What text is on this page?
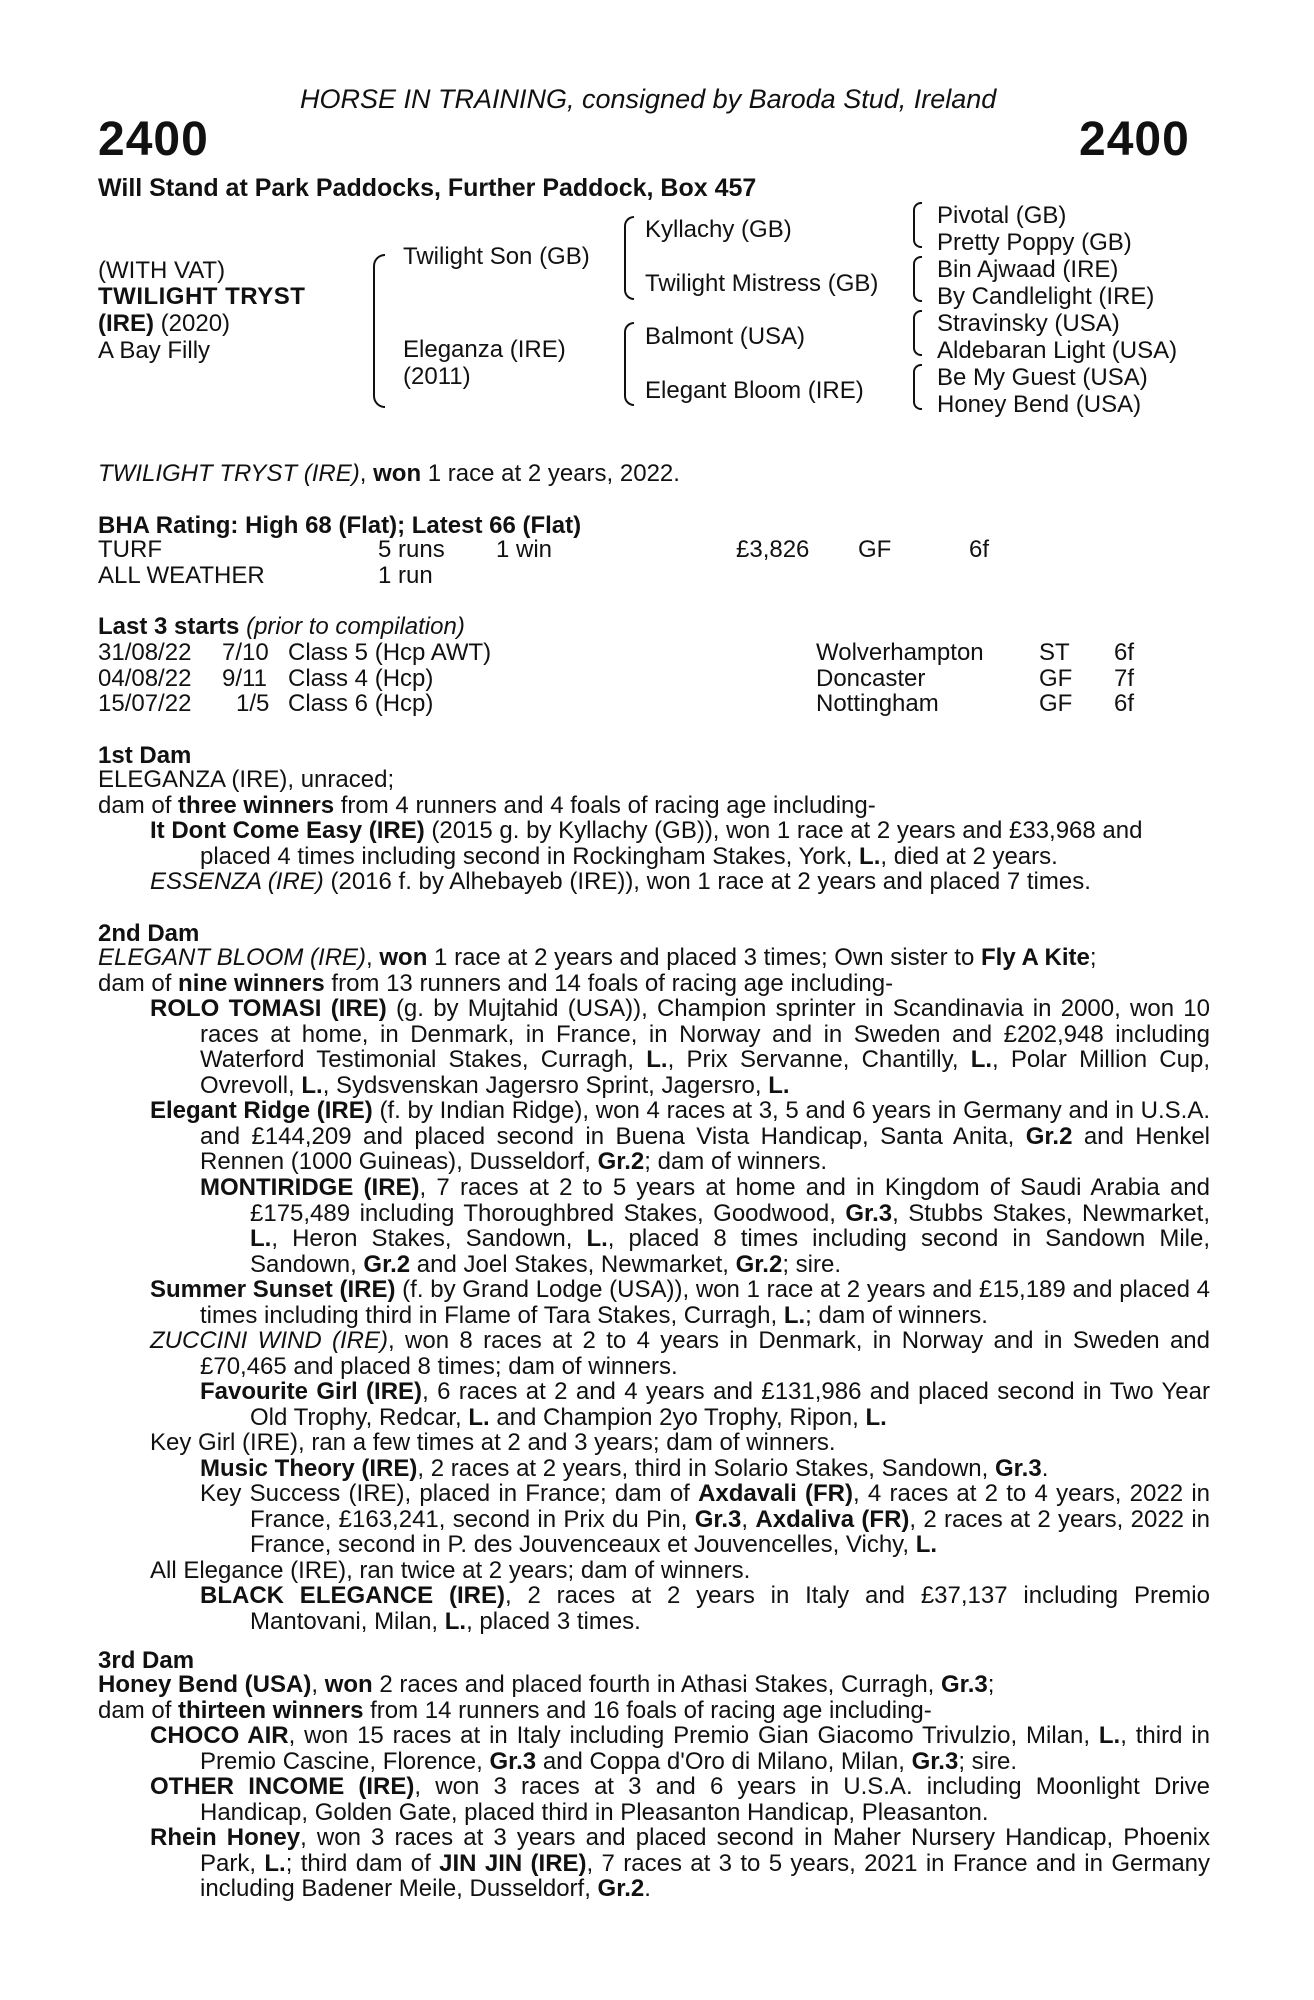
HORSE IN TRAINING, consigned by Baroda Stud, Ireland
2400	2400
Will Stand at Park Paddocks, Further Paddock, Box 457
(WITH VAT)
TWILIGHT TRYST
(IRE) (2020)
A Bay Filly
Twilight Son (GB)
Eleganza (IRE)
(2011)
Kyllachy (GB)
Twilight Mistress (GB)
Balmont (USA)
Elegant Bloom (IRE)
Pivotal (GB)
Pretty Poppy (GB)
Bin Ajwaad (IRE)
By Candlelight (IRE)
Stravinsky (USA)
Aldebaran Light (USA)
Be My Guest (USA)
Honey Bend (USA)
TWILIGHT TRYST (IRE), won 1 race at 2 years, 2022.
BHA Rating: High 68 (Flat); Latest 66 (Flat)
TURF	5 runs 1 win	£3,826 GF	6f
ALL WEATHER	1 run
Last 3 starts (prior to compilation)
31/08/22 7/10 Class 5 (Hcp AWT)	Wolverhampton ST 6f
04/08/22 9/11 Class 4 (Hcp)	Doncaster	GF 7f
15/07/22 1/5 Class 6 (Hcp)	Nottingham	GF 6f
1st Dam
ELEGANZA (IRE), unraced;
dam of three winners from 4 runners and 4 foals of racing age including-
It Dont Come Easy (IRE) (2015 g. by Kyllachy (GB)), won 1 race at 2 years and £33,968 and placed 4 times including second in Rockingham Stakes, York, L., died at 2 years.
ESSENZA (IRE) (2016 f. by Alhebayeb (IRE)), won 1 race at 2 years and placed 7 times.
2nd Dam
ELEGANT BLOOM (IRE), won 1 race at 2 years and placed 3 times; Own sister to Fly A Kite;
dam of nine winners from 13 runners and 14 foals of racing age including-
ROLO TOMASI (IRE) (g. by Mujtahid (USA)), Champion sprinter in Scandinavia in 2000, won 10 races at home, in Denmark, in France, in Norway and in Sweden and £202,948 including Waterford Testimonial Stakes, Curragh, L., Prix Servanne, Chantilly, L., Polar Million Cup, Ovrevoll, L., Sydsvenskan Jagersro Sprint, Jagersro, L.
Elegant Ridge (IRE) (f. by Indian Ridge), won 4 races at 3, 5 and 6 years in Germany and in U.S.A. and £144,209 and placed second in Buena Vista Handicap, Santa Anita, Gr.2 and Henkel Rennen (1000 Guineas), Dusseldorf, Gr.2; dam of winners.
MONTIRIDGE (IRE), 7 races at 2 to 5 years at home and in Kingdom of Saudi Arabia and £175,489 including Thoroughbred Stakes, Goodwood, Gr.3, Stubbs Stakes, Newmarket, L., Heron Stakes, Sandown, L., placed 8 times including second in Sandown Mile, Sandown, Gr.2 and Joel Stakes, Newmarket, Gr.2; sire.
Summer Sunset (IRE) (f. by Grand Lodge (USA)), won 1 race at 2 years and £15,189 and placed 4 times including third in Flame of Tara Stakes, Curragh, L.; dam of winners.
ZUCCINI WIND (IRE), won 8 races at 2 to 4 years in Denmark, in Norway and in Sweden and £70,465 and placed 8 times; dam of winners.
Favourite Girl (IRE), 6 races at 2 and 4 years and £131,986 and placed second in Two Year Old Trophy, Redcar, L. and Champion 2yo Trophy, Ripon, L.
Key Girl (IRE), ran a few times at 2 and 3 years; dam of winners.
Music Theory (IRE), 2 races at 2 years, third in Solario Stakes, Sandown, Gr.3.
Key Success (IRE), placed in France; dam of Axdavali (FR), 4 races at 2 to 4 years, 2022 in France, £163,241, second in Prix du Pin, Gr.3, Axdaliva (FR), 2 races at 2 years, 2022 in France, second in P. des Jouvenceaux et Jouvencelles, Vichy, L.
All Elegance (IRE), ran twice at 2 years; dam of winners.
BLACK ELEGANCE (IRE), 2 races at 2 years in Italy and £37,137 including Premio Mantovani, Milan, L., placed 3 times.
3rd Dam
Honey Bend (USA), won 2 races and placed fourth in Athasi Stakes, Curragh, Gr.3;
dam of thirteen winners from 14 runners and 16 foals of racing age including-
CHOCO AIR, won 15 races at in Italy including Premio Gian Giacomo Trivulzio, Milan, L., third in Premio Cascine, Florence, Gr.3 and Coppa d'Oro di Milano, Milan, Gr.3; sire.
OTHER INCOME (IRE), won 3 races at 3 and 6 years in U.S.A. including Moonlight Drive Handicap, Golden Gate, placed third in Pleasanton Handicap, Pleasanton.
Rhein Honey, won 3 races at 3 years and placed second in Maher Nursery Handicap, Phoenix Park, L.; third dam of JIN JIN (IRE), 7 races at 3 to 5 years, 2021 in France and in Germany including Badener Meile, Dusseldorf, Gr.2.
